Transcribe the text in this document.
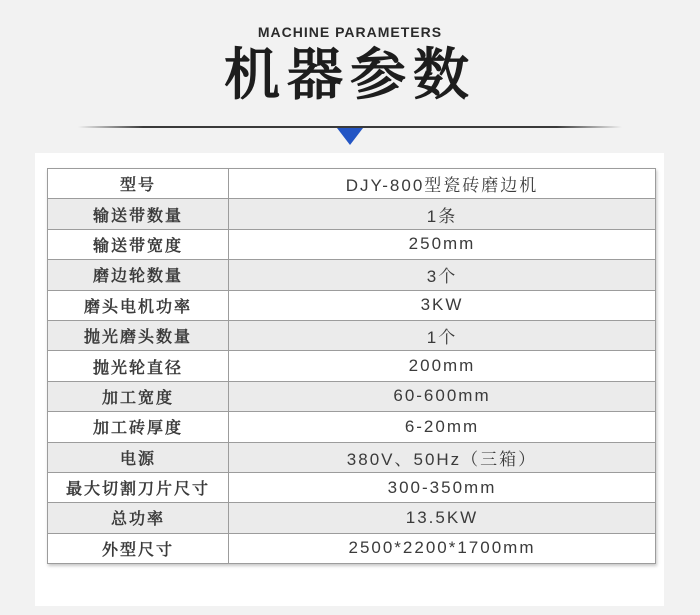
MACHINE PARAMETERS
机器参数
型号	DJY-800型瓷砖磨边机
输送带数量	1条
输送带宽度	250mm
磨边轮数量	3个
磨头电机功率	3KW
抛光磨头数量	1个
抛光轮直径	200mm
加工宽度	60-600mm
加工砖厚度	6-20mm
电源	380V、50Hz（三箱）
最大切割刀片尺寸	300-350mm
总功率	13.5KW
外型尺寸	2500*2200*1700mm
